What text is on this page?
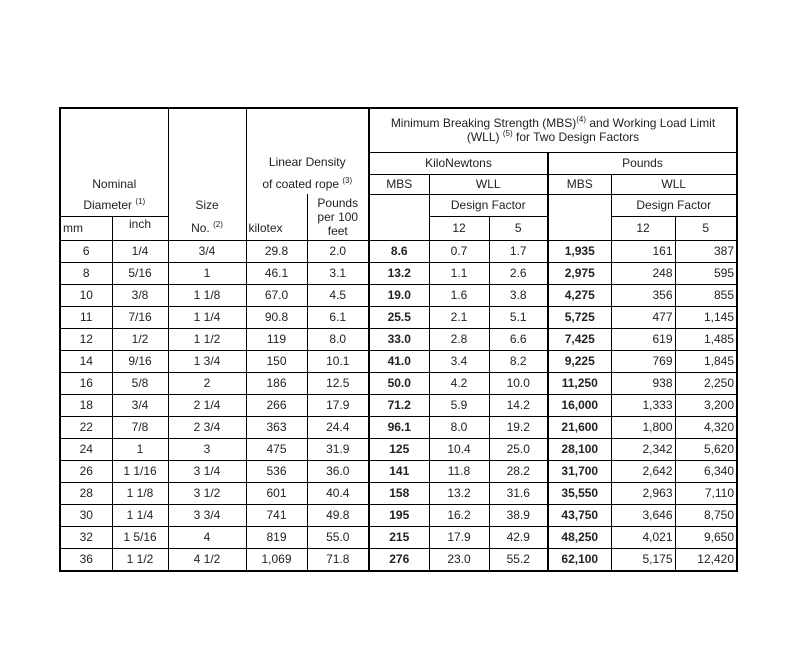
					Minimum Breaking Strength (MBS)$^{(4)}$ and Working Load Limit
(WLL) $^{(5)}$ for Two Design Factors					
			Linear Density
of coated rope $^{(3)}$		KiloNewtons			Pounds		
Nominal					MBS	WLL		MBS	WLL	
Diameter $^{(1)}$		Size		Pounds per 100 feet		Design Factor			Design Factor	
mm	inch	No. $^{(2)}$	kilotex			12	5		12	5
6	1/4	3/4	29.8	2.0	8.6	0.7	1.7	1,935	161	387
8	5/16	1	46.1	3.1	13.2	1.1	2.6	2,975	248	595
10	3/8	1 1/8	67.0	4.5	19.0	1.6	3.8	4,275	356	855
11	7/16	1 1/4	90.8	6.1	25.5	2.1	5.1	5,725	477	1,145
12	1/2	1 1/2	119	8.0	33.0	2.8	6.6	7,425	619	1,485
14	9/16	1 3/4	150	10.1	41.0	3.4	8.2	9,225	769	1,845
16	5/8	2	186	12.5	50.0	4.2	10.0	11,250	938	2,250
18	3/4	2 1/4	266	17.9	71.2	5.9	14.2	16,000	1,333	3,200
22	7/8	2 3/4	363	24.4	96.1	8.0	19.2	21,600	1,800	4,320
24	1	3	475	31.9	125	10.4	25.0	28,100	2,342	5,620
26	1 1/16	3 1/4	536	36.0	141	11.8	28.2	31,700	2,642	6,340
28	1 1/8	3 1/2	601	40.4	158	13.2	31.6	35,550	2,963	7,110
30	1 1/4	3 3/4	741	49.8	195	16.2	38.9	43,750	3,646	8,750
32	1 5/16	4	819	55.0	215	17.9	42.9	48,250	4,021	9,650
36	1 1/2	4 1/2	1,069	71.8	276	23.0	55.2	62,100	5,175	12,420
